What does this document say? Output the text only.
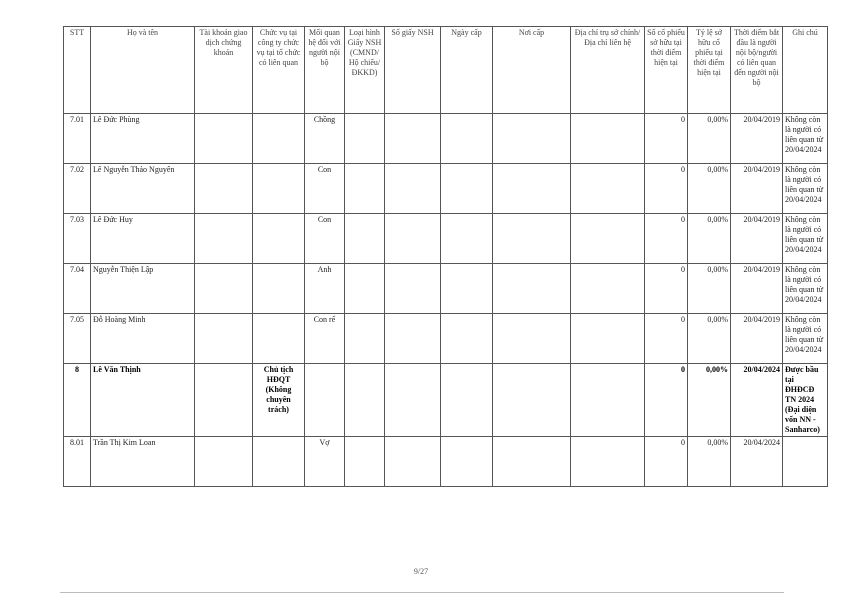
STT	Họ và tên	Tài khoản giao dịch chứng khoán	Chức vụ tại công ty chức vụ tại tổ chức có liên quan	Mối quan hệ đối với người nội bộ	Loại hình Giấy NSH (CMND/ Hộ chiếu/ ĐKKD)	Số giấy NSH	Ngày cấp	Nơi cấp	Địa chỉ trụ sở chính/ Địa chỉ liên hệ	Số cổ phiếu sở hữu tại thời điểm hiện tại	Tỷ lệ sở hữu cổ phiếu tại thời điểm hiện tại	Thời điểm bắt đầu là người nội bộ/người có liên quan đến người nội bộ	Ghi chú
7.01	Lê Đức Phùng			Chồng						0	0,00%	20/04/2019	Không còn là người có liên quan từ 20/04/2024
7.02	Lê Nguyễn Thảo Nguyên			Con						0	0,00%	20/04/2019	Không còn là người có liên quan từ 20/04/2024
7.03	Lê Đức Huy			Con						0	0,00%	20/04/2019	Không còn là người có liên quan từ 20/04/2024
7.04	Nguyễn Thiện Lập			Anh						0	0,00%	20/04/2019	Không còn là người có liên quan từ 20/04/2024
7.05	Đỗ Hoàng Minh			Con rể						0	0,00%	20/04/2019	Không còn là người có liên quan từ 20/04/2024
8	Lê Văn Thịnh		Chủ tịch HĐQT (Không chuyên trách)							0	0,00%	20/04/2024	Được bầu tại ĐHĐCĐ TN 2024 (Đại diện vốn NN - Sanharco)
8.01	Trần Thị Kim Loan			Vợ						0	0,00%	20/04/2024	
9/27
